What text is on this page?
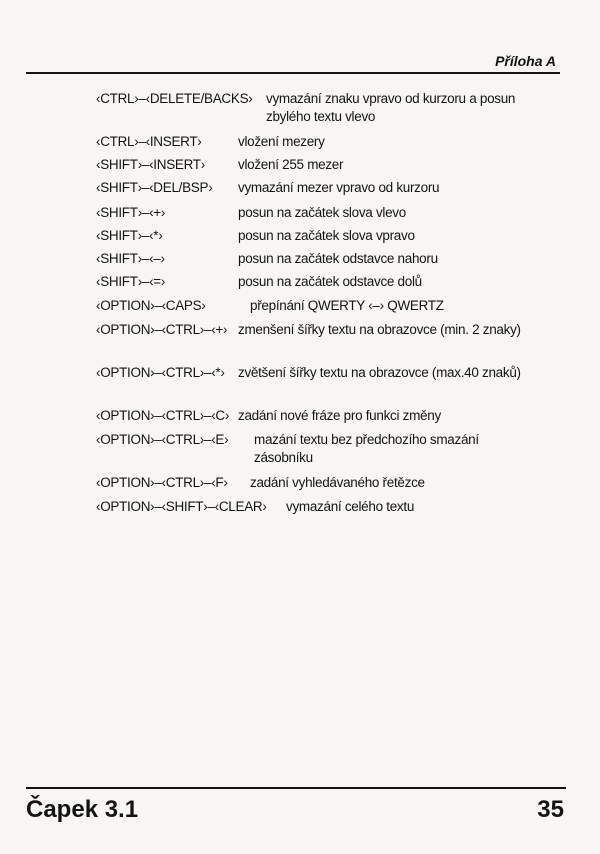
Příloha A
‹CTRL›–‹DELETE/BACKS› vymazání znaku vpravo od kurzoru a posun zbylého textu vlevo
‹CTRL›–‹INSERT›	vložení mezery
‹SHIFT›–‹INSERT› vložení 255 mezer
‹SHIFT›–‹DEL/BSP› vymazání mezer vpravo od kurzoru
‹SHIFT›–‹+›	posun na začátek slova vlevo
‹SHIFT›–‹*›	posun na začátek slova vpravo
‹SHIFT›–‹–›	posun na začátek odstavce nahoru
‹SHIFT›–‹=›	posun na začátek odstavce dolů
‹OPTION›–‹CAPS›	přepínání QWERTY ‹–› QWERTZ
‹OPTION›–‹CTRL›–‹+› zmenšení šířky textu na obrazovce (min. 2 znaky)
‹OPTION›–‹CTRL›–‹*› zvětšení šířky textu na obrazovce (max.40 znaků)
‹OPTION›–‹CTRL›–‹C› zadání nové fráze pro funkci změny
‹OPTION›–‹CTRL›–‹E› mazání textu bez předchozího smazání zásobníku
‹OPTION›–‹CTRL›–‹F› zadání vyhledávaného řetězce
‹OPTION›–‹SHIFT›–‹CLEAR› vymazání celého textu
Čapek 3.1	35
